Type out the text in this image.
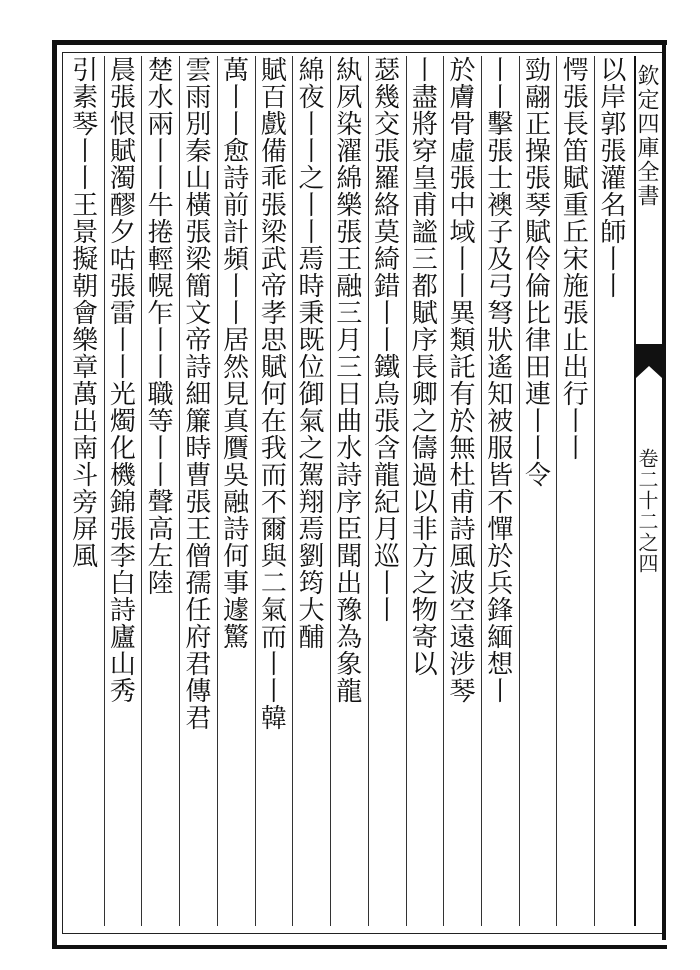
以岸郭張灌名師丨丨
愕張長笛賦重丘宋施張止出行丨丨
勁翮正操張琴賦伶倫比律田連丨丨令
丨丨擊張士襖子及弓弩狀遙知被服皆不憚於兵鋒緬想丨
於膚骨虛張中域丨丨異類託有於無杜甫詩風波空遠涉琴
丨盡將穿皇甫謐三都賦序長卿之儔過以非方之物寄以
瑟幾交張羅絡莫綺錯丨丨鐵烏張含龍紀月巡丨丨
紈夙染濯綿樂張王融三月三日曲水詩序臣聞出豫為象龍
綿夜丨丨之丨丨焉時秉既位御氣之駕翔焉劉筠大酺
賦百戲備乖張梁武帝孝思賦何在我而不爾與二氣而丨丨韓
萬丨丨愈詩前計頻丨丨居然見真贋吳融詩何事遽驚
雲雨別秦山橫張梁簡文帝詩細簾時曹張王僧孺任府君傳君
楚水兩丨丨牛捲輕幌乍丨丨職等丨丨聲高左陸
晨張恨賦濁醪夕咕張雷丨丨光燭化機錦張李白詩廬山秀
引素琴丨丨王景擬朝會樂章萬出南斗旁屏風	欽定四庫全書
卷二十二之四
